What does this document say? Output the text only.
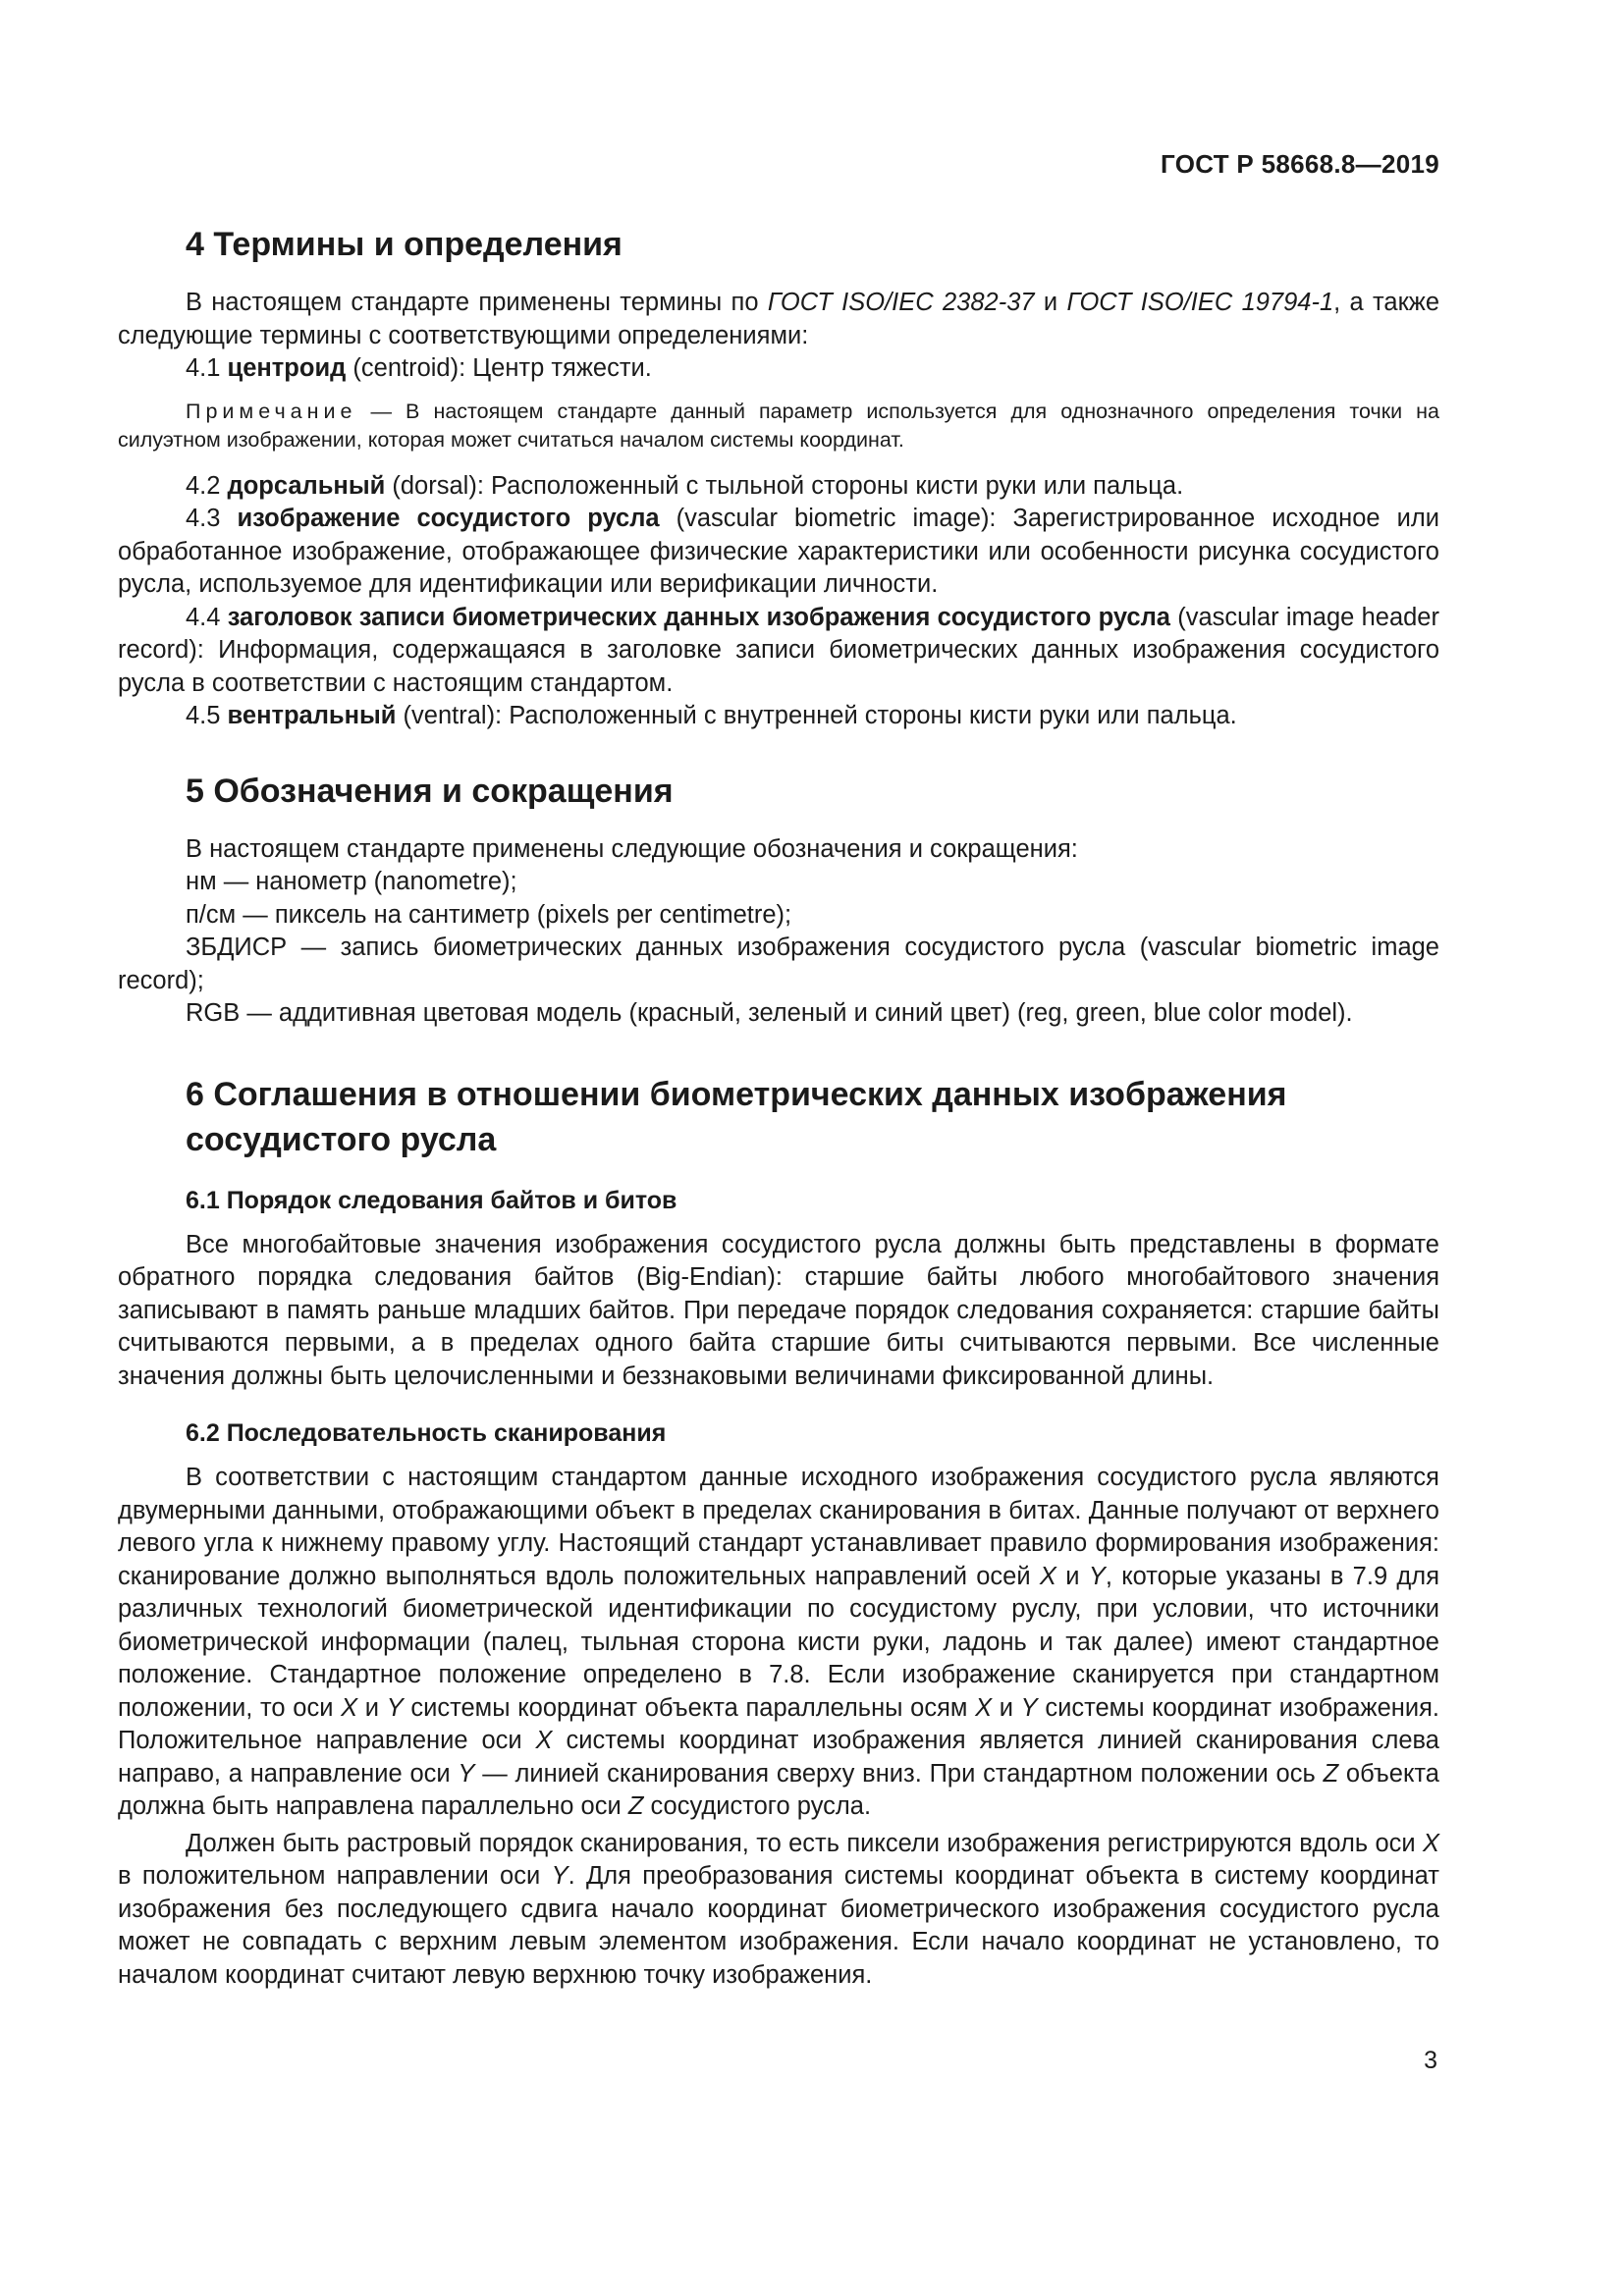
ГОСТ Р 58668.8—2019
4 Термины и определения

В настоящем стандарте применены термины по ГОСТ ISO/IEC 2382-37 и ГОСТ ISO/IEC 19794-1, а также следующие термины с соответствующими определениями:

4.1 центроид (centroid): Центр тяжести.

Примечание — В настоящем стандарте данный параметр используется для однозначного определения точки на силуэтном изображении, которая может считаться началом системы координат.

4.2 дорсальный (dorsal): Расположенный с тыльной стороны кисти руки или пальца.

4.3 изображение сосудистого русла (vascular biometric image): Зарегистрированное исходное или обработанное изображение, отображающее физические характеристики или особенности рисунка сосудистого русла, используемое для идентификации или верификации личности.

4.4 заголовок записи биометрических данных изображения сосудистого русла (vascular image header record): Информация, содержащаяся в заголовке записи биометрических данных изображения сосудистого русла в соответствии с настоящим стандартом.

4.5 вентральный (ventral): Расположенный с внутренней стороны кисти руки или пальца.

5 Обозначения и сокращения

В настоящем стандарте применены следующие обозначения и сокращения:

нм — нанометр (nanometre);

п/см — пиксель на сантиметр (pixels per centimetre);

ЗБДИСР — запись биометрических данных изображения сосудистого русла (vascular biometric image record);

RGB — аддитивная цветовая модель (красный, зеленый и синий цвет) (reg, green, blue color model).

6 Соглашения в отношении биометрических данных изображения
сосудистого русла
6.1 Порядок следования байтов и битов

Все многобайтовые значения изображения сосудистого русла должны быть представлены в формате обратного порядка следования байтов (Big-Endian): старшие байты любого многобайтового значения записывают в память раньше младших байтов. При передаче порядок следования сохраняется: старшие байты считываются первыми, а в пределах одного байта старшие биты считываются первыми. Все численные значения должны быть целочисленными и беззнаковыми величинами фиксированной длины.

6.2 Последовательность сканирования

В соответствии с настоящим стандартом данные исходного изображения сосудистого русла являются двумерными данными, отображающими объект в пределах сканирования в битах. Данные получают от верхнего левого угла к нижнему правому углу. Настоящий стандарт устанавливает правило формирования изображения: сканирование должно выполняться вдоль положительных направлений осей X и Y, которые указаны в 7.9 для различных технологий биометрической идентификации по сосудистому руслу, при условии, что источники биометрической информации (палец, тыльная сторона кисти руки, ладонь и так далее) имеют стандартное положение. Стандартное положение определено в 7.8. Если изображение сканируется при стандартном положении, то оси X и Y системы координат объекта параллельны осям X и Y системы координат изображения. Положительное направление оси X системы координат изображения является линией сканирования слева направо, а направление оси Y — линией сканирования сверху вниз. При стандартном положении ось Z объекта должна быть направлена параллельно оси Z сосудистого русла.

Должен быть растровый порядок сканирования, то есть пиксели изображения регистрируются вдоль оси X в положительном направлении оси Y. Для преобразования системы координат объекта в систему координат изображения без последующего сдвига начало координат биометрического изображения сосудистого русла может не совпадать с верхним левым элементом изображения. Если начало координат не установлено, то началом координат считают левую верхнюю точку изображения.

3
